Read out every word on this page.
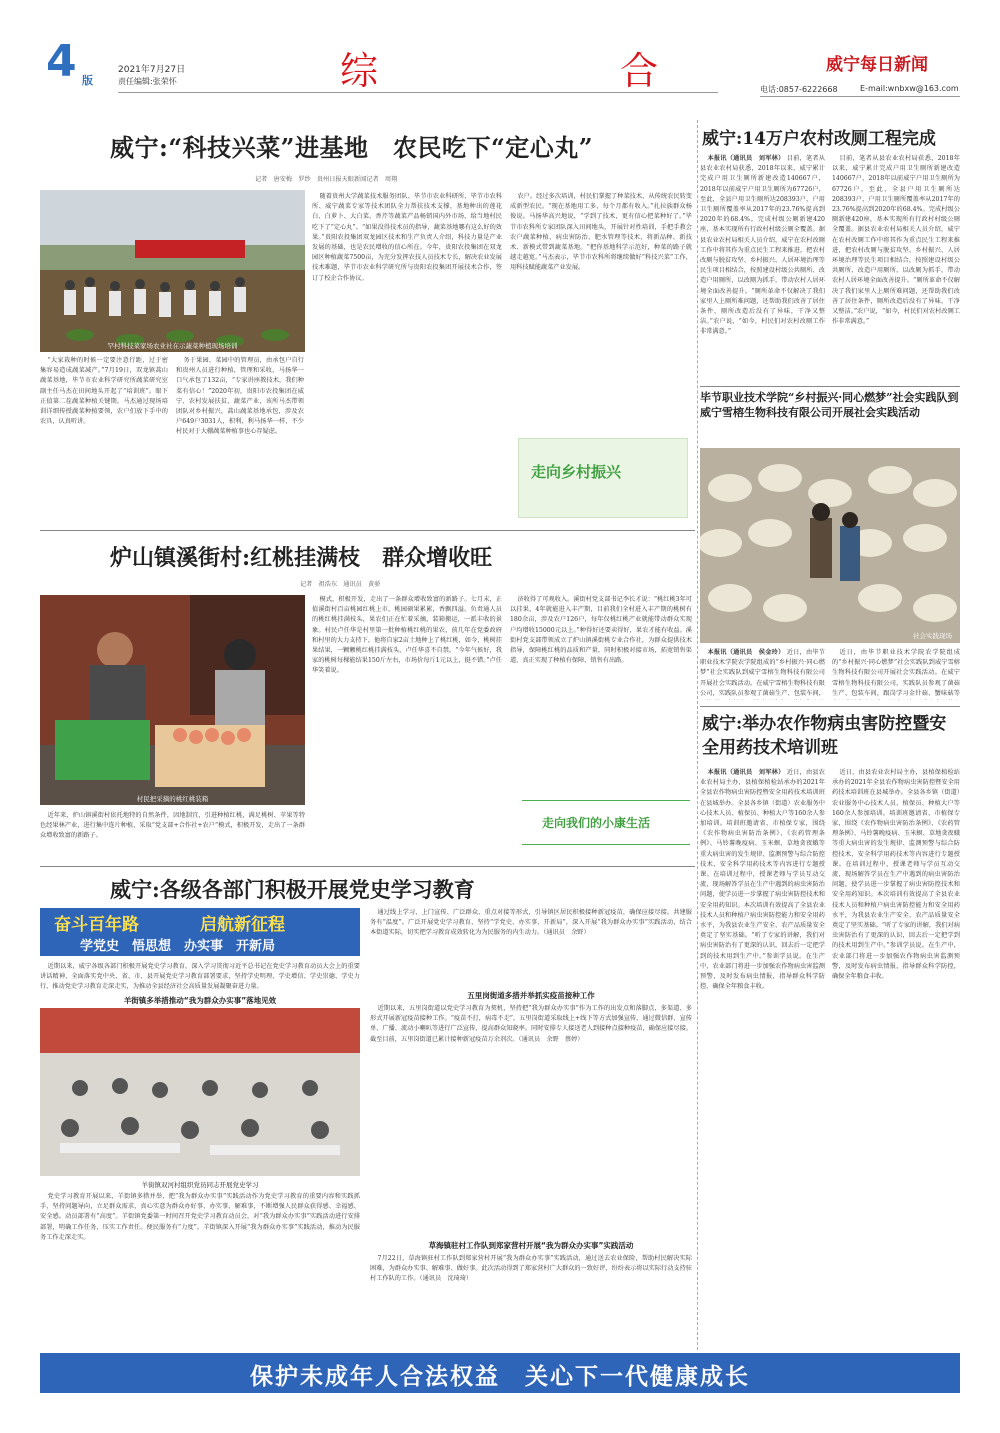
4 版
2021年7月27日
责任编辑:张荣怀	综	合	威宁每日新闻
电话:0857-6222668	E-mail:wnbxw@163.com
威宁:“科技兴菜”进基地　农民吃下“定心丸”
记者　唐安梅　罗纱　贵州日报天眼新闻记者　周翔
罕村科技菜家场农业社在示蔬菜种植现场培训
“大家栽种的时候一定要注意行距，过于密集容易造成蔬菜减产。”7月19日，双龙镇蒿山蔬菜基地，毕节市农业科学研究所蔬菜研究室副主任马杰在田间地头开起了“培训班”。眼下正值第二茬蔬菜种植关键期，马杰通过现场培训详细传授蔬菜种植要领，农户们放下手中的农具，认真听讲。
务于果园、菜园中的管理员，由承包户自行和贵州人员进行种植，管理和采收，马扬华一口气承包了132亩，“专家讲座教技术，我们种菜有信心！”2020年初，贵阳市农投集团在威宁、农村发展扶贫，蔬菜产业，该所马杰带领团队对乡村振兴，蒿山蔬菜基地承包，涉及农户649户3031人，积利、利马扬华一样，不少村民对于大棚蔬菜种植事也心存疑虑。
随着贵州大学蔬菜技术服务团队、毕节市农业科研所、毕节市农科所、威宁蔬菜专家等技术团队全力帮扶技术支撑，基地种出的莲花白、白萝卜、大白菜、香芹等蔬菜产品畅销国内外市场，给当地村民吃下了“定心丸”。“如果没得技术员的指导，蔬菜基地哪有这么好的效果。”贵阳农投集团双龙园区技术和生产负责人介绍，科技力量是产业发展的基础，也是农民增收的信心所在。今年，贵阳农投集团在双龙园区种植蔬菜7500亩，为充分发挥农技人员技术专长，解决农业发展技术难题，毕节市农业科学研究所与贵阳农投集团开展技术合作，签订了校企合作协议。
农户。经过多次培训，村民们掌握了种菜技术，从传统农民转变成新型农民。“现在基地用工多，每个月都有收入。”扎拉族群众杨俊说。马扬华高兴地说，“学到了技术，更有信心把菜种好了。”毕节市农科所专家团队深入田间地头，开展针对性培训，手把手教会农户蔬菜种植、病虫害防治、肥水管理等技术，将新品种、新技术、新模式带到蔬菜基地。“把你基地科学示范好，种菜的路子就越走越宽。”马杰表示，毕节市农科所将继续做好“科技兴菜”工作，用科技赋能蔬菜产业发展。
走向乡村振兴
威宁:14万户农村改厕工程完成
本报讯（通讯员　刘军林） 目前，笔者从县农业农村局获悉，2018年以来，威宁累计完成户用卫生厕所新建改造140667户，2018年以前威宁户用卫生厕所为67726户，至此，全县户用卫生厕所达208393户，户用卫生厕所覆盖率从2017年的23.76%提高到2020年的68.4%。完成村级公厕新建420座，基本实现所有行政村村级公厕全覆盖。据县农业农村局相关人员介绍，威宁在农村改厕工作中将其作为重点民生工程来推进，把农村改厕与脱贫攻坚、乡村振兴、人居环境治理等民生项目相结合，按照建设村级公共厕所、改造户用厕所，以改厕为抓手，带动农村人居环境全面改善提升。“厕所革命不仅解决了我们家里人上厕所难问题，还帮助我们改善了居住条件，厕所改造后没有了异味，干净又整洁。”农户说，“如今，村民们对农村改厕工作非常满意。”
目前，笔者从县农业农村局获悉，2018年以来，威宁累计完成户用卫生厕所新建改造140667户，2018年以前威宁户用卫生厕所为67726户，至此，全县户用卫生厕所达208393户，户用卫生厕所覆盖率从2017年的23.76%提高到2020年的68.4%。完成村级公厕新建420座，基本实现所有行政村村级公厕全覆盖。据县农业农村局相关人员介绍，威宁在农村改厕工作中将其作为重点民生工程来推进，把农村改厕与脱贫攻坚、乡村振兴、人居环境治理等民生项目相结合，按照建设村级公共厕所、改造户用厕所，以改厕为抓手，带动农村人居环境全面改善提升。“厕所革命不仅解决了我们家里人上厕所难问题，还帮助我们改善了居住条件，厕所改造后没有了异味，干净又整洁。”农户说，“如今，村民们对农村改厕工作非常满意。”
毕节职业技术学院“乡村振兴·同心燃梦”社会实践队到威宁雪榕生物科技有限公司开展社会实践活动
社会实践现场
本报讯（通讯员　侯金玲） 近日，由毕节职业技术学院农学院组成的“乡村振兴·同心燃梦”社会实践队到威宁雪榕生物科技有限公司开展社会实践活动。在威宁雪榕生物科技有限公司，实践队员参观了菌菇生产、包装车间，
近日，由毕节职业技术学院农学院组成的“乡村振兴·同心燃梦”社会实践队到威宁雪榕生物科技有限公司开展社会实践活动。在威宁雪榕生物科技有限公司，实践队员参观了菌菇生产、包装车间，跟岗学习金针菇、蟹味菇等
炉山镇溪街村:红桃挂满枝　群众增收旺
记者　祖浩东　通讯员　黄骄
村民把采摘的桃红桃装箱
近年来，炉山镇溪街村依托地特的自然条件，因地制宜，引进种植红桃，满足桃树、苹果等特色经果林产业，进行集中连片种植，采取“党支部+合作社+农户”模式，积极开发，走出了一条群众增收致富的新路子。
模式，积极开发，走出了一条群众增收致富的新路子。七月末，正值溪街村百亩桃园红桃上市，桃园硕果累累，香飘四溢。负责通人员的桃红桃挂满枝头，果农们正在忙着采摘，装箱搬运，一派丰收的景象。村民卢任华是村里第一批种植桃红桃的果农，前几年在党委政府和村里的大力支持下，他将自家2亩土地种上了桃红桃，如今，桃树挂果结果，一颗颗桃红桃挂满枝头，卢任华喜不自禁。“今年气候好，我家的桃树每棵能结果150斤左右，市场价每斤1元以上，挺不错。”卢任华笑着说。
济收得了可观收入。溪街村党支部书记李长才说：“桃红桃3年可以挂果，4年就能进入丰产期，目前我们全村进入丰产期的桃树有180余亩，涉及农户126户，每年仅桃红桃产业就能带动群众实现户均增收15000元以上。”种得好还要卖得好，果农才能有收益。溪街村党支部带领成立了炉山镇溪街桃专业合作社，为群众提供技术指导，保障桃红桃的品质和产量，同时积极对接市场，拓宽销售渠道，真正实现了种植有保障、销售有出路。
走向我们的小康生活
威宁:举办农作物病虫害防控暨安全用药技术培训班
本报讯（通讯员　刘军林） 近日，由县农业农村局主办，县植保植检站承办的2021年全县农作物病虫害防控暨安全用药技术培训班在县城举办。全县各乡镇（街道）农业服务中心技术人员、植保员、种植大户等160余人参加培训。培训班邀请省、市植保专家，围绕《农作物病虫害防治条例》、《农药管理条例》、马铃薯晚疫病、玉米螟、草地贪夜蛾等重大病虫害的发生规律、监测预警与综合防控技术、安全科学用药技术等内容进行专题授课。在培训过程中，授课老师与学员互动交流，现场解答学员在生产中遇到的病虫害防治问题，使学员进一步掌握了病虫害防控技术和安全用药知识。本次培训有效提高了全县农业技术人员和种植户病虫害防控能力和安全用药水平，为我县农业生产安全、农产品质量安全奠定了坚实基础。“听了专家的讲解，我们对病虫害防治有了更深的认识，回去后一定把学到的技术用到生产中。”参训学员说。在生产中，农业部门将进一步加强农作物病虫害监测预警，及时发布病虫情报，指导群众科学防控，确保全年粮食丰收。
近日，由县农业农村局主办，县植保植检站承办的2021年全县农作物病虫害防控暨安全用药技术培训班在县城举办。全县各乡镇（街道）农业服务中心技术人员、植保员、种植大户等160余人参加培训。培训班邀请省、市植保专家，围绕《农作物病虫害防治条例》、《农药管理条例》、马铃薯晚疫病、玉米螟、草地贪夜蛾等重大病虫害的发生规律、监测预警与综合防控技术、安全科学用药技术等内容进行专题授课。在培训过程中，授课老师与学员互动交流，现场解答学员在生产中遇到的病虫害防治问题，使学员进一步掌握了病虫害防控技术和安全用药知识。本次培训有效提高了全县农业技术人员和种植户病虫害防控能力和安全用药水平，为我县农业生产安全、农产品质量安全奠定了坚实基础。“听了专家的讲解，我们对病虫害防治有了更深的认识，回去后一定把学到的技术用到生产中。”参训学员说。在生产中，农业部门将进一步加强农作物病虫害监测预警，及时发布病虫情报，指导群众科学防控，确保全年粮食丰收。
威宁:各级各部门积极开展党史学习教育
奋斗百年路	启航新征程
学党史　悟思想　办实事　开新局
近期以来，威宁各级各部门积极开展党史学习教育，深入学习贯彻习近平总书记在党史学习教育动员大会上的重要讲话精神，全面落实党中央、省、市、县开展党史学习教育部署要求，坚持学史明理、学史增信、学史崇德、学史力行，推动党史学习教育走深走实，为推动全县经济社会高质量发展凝聚奋进力量。
通过线上学习、上门宣传、广泛群众、重点对接等形式，引导镇区居民积极接种新冠疫苗，确保应接尽接。共建服务有“温度”。广泛开展党史学习教育，坚持“学党史、办实事、开新局”，深入开展“我为群众办实事”实践活动，结合本街道实际，切实把学习教育成效转化为为民服务的内生动力。（通讯员　余野）
羊街镇多举措推动“我为群众办实事”落地见效
羊街镇双河村组织党员同志开展党史学习
党史学习教育开展以来，羊街镇多措并举，把“我为群众办实事”实践活动作为党史学习教育的重要内容和实践抓手，坚持问题导向，立足群众需求，真心实意为群众办好事、办实事、解难事，不断增强人民群众获得感、幸福感、安全感。动员部署有“高度”。羊街镇党委第一时间召开党史学习教育动员会，对“我为群众办实事”实践活动进行安排部署，明确工作任务，压实工作责任。便民服务有“力度”。羊街镇深入开展“我为群众办实事”实践活动，推动为民服务工作走深走实。
五里岗街道多措并举抓实疫苗接种工作
近期以来，五里岗街道以党史学习教育为契机，坚持把“我为群众办实事”作为工作的出发点和落脚点，多渠道、多形式开展新冠疫苗接种工作。“疫苗不打，病毒不走”，五里岗街道采取线上+线下等方式加强宣传，通过微信群、宣传单、广播、流动小喇叭等进行广泛宣传，提高群众知晓率。同时安排专人接送老人到接种点接种疫苗，确保应接尽接。截至目前，五里岗街道已累计接种新冠疫苗万余剂次。（通讯员　余野　蔡婷）
草海镇驻村工作队到郑家营村开展“我为群众办实事”实践活动
7月22日，草海镇驻村工作队到郑家营村开展“我为群众办实事”实践活动，通过送去农业保险，帮助村民解决实际困难，为群众办实事、解难事、做好事。此次活动得到了郑家营村广大群众的一致好评，纷纷表示将以实际行动支持驻村工作队的工作。（通讯员　沈琦琦）
保护未成年人合法权益　关心下一代健康成长
